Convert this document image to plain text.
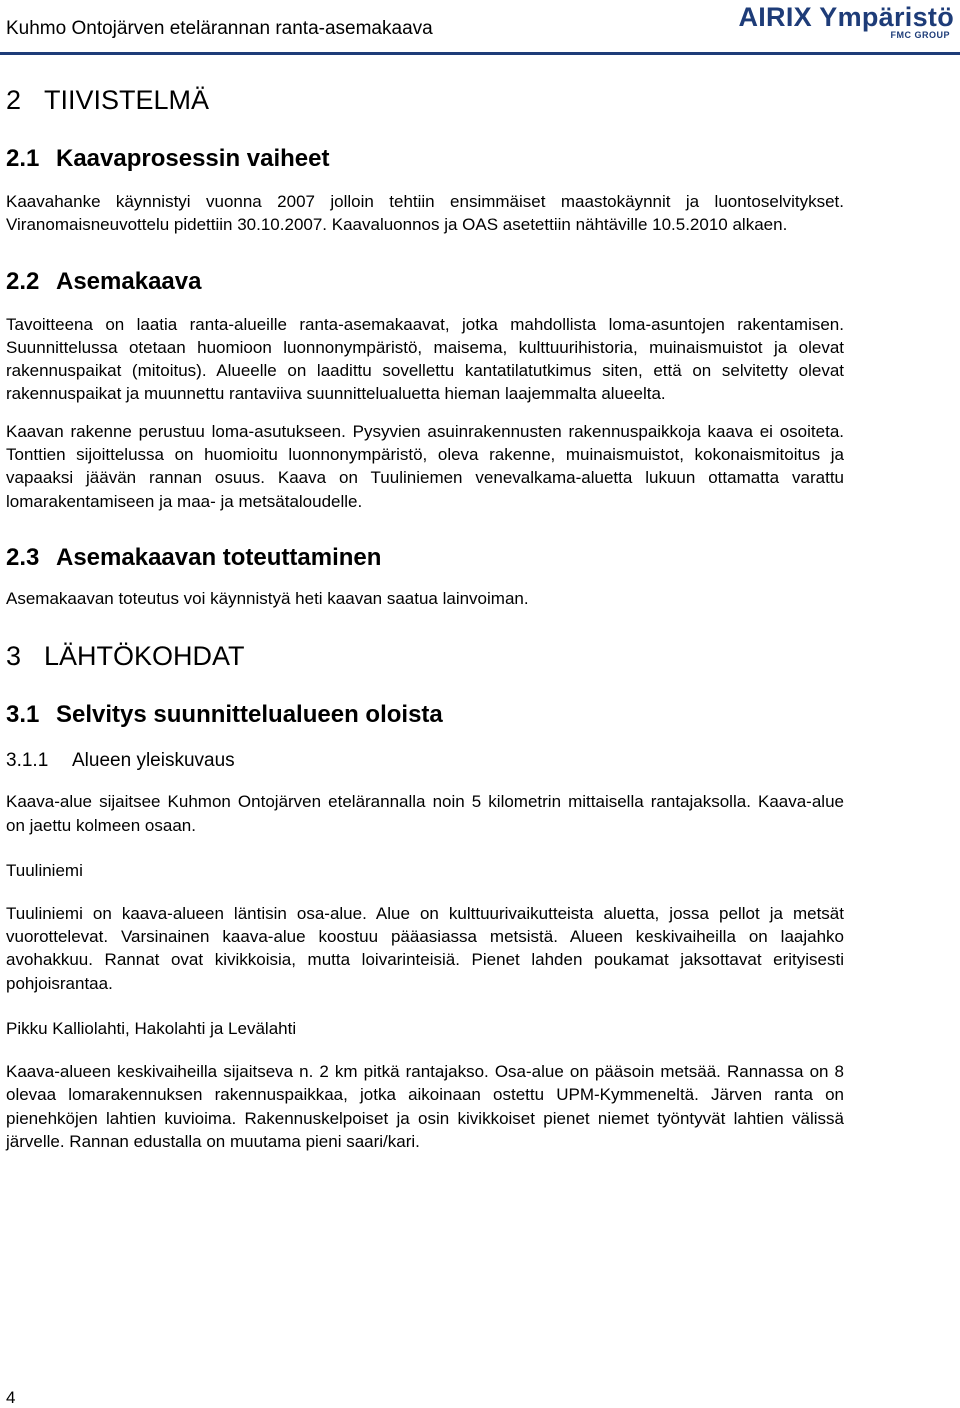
Kuhmo Ontojärven etelärannan ranta-asemakaava	AIRIX Ympäristö
FMC GROUP
2 TIIVISTELMÄ
2.1 Kaavaprosessin vaiheet

Kaavahanke käynnistyi vuonna 2007 jolloin tehtiin ensimmäiset maastokäynnit ja luontoselvitykset. Viranomaisneuvottelu pidettiin 30.10.2007. Kaavaluonnos ja OAS asetettiin nähtäville 10.5.2010 alkaen.

2.2 Asemakaava

Tavoitteena on laatia ranta-alueille ranta-asemakaavat, jotka mahdollista loma-asuntojen rakentamisen. Suunnittelussa otetaan huomioon luonnonympäristö, maisema, kulttuurihistoria, muinaismuistot ja olevat rakennuspaikat (mitoitus). Alueelle on laadittu sovellettu kantatilatutkimus siten, että on selvitetty olevat rakennuspaikat ja muunnettu rantaviiva suunnittelualuetta hieman laajemmalta alueelta.

Kaavan rakenne perustuu loma-asutukseen. Pysyvien asuinrakennusten rakennuspaikkoja kaava ei osoiteta. Tonttien sijoittelussa on huomioitu luonnonympäristö, oleva rakenne, muinaismuistot, kokonaismitoitus ja vapaaksi jäävän rannan osuus. Kaava on Tuuliniemen venevalkama-aluetta lukuun ottamatta varattu lomarakentamiseen ja maa- ja metsätaloudelle.

2.3 Asemakaavan toteuttaminen

Asemakaavan toteutus voi käynnistyä heti kaavan saatua lainvoiman.

3 LÄHTÖKOHDAT
3.1 Selvitys suunnittelualueen oloista
3.1.1 Alueen yleiskuvaus

Kaava-alue sijaitsee Kuhmon Ontojärven etelärannalla noin 5 kilometrin mittaisella rantajaksolla. Kaava-alue on jaettu kolmeen osaan.

Tuuliniemi

Tuuliniemi on kaava-alueen läntisin osa-alue. Alue on kulttuurivaikutteista aluetta, jossa pellot ja metsät vuorottelevat. Varsinainen kaava-alue koostuu pääasiassa metsistä. Alueen keskivaiheilla on laajahko avohakkuu. Rannat ovat kivikkoisia, mutta loivarinteisiä. Pienet lahden poukamat jaksottavat erityisesti pohjoisrantaa.

Pikku Kalliolahti, Hakolahti ja Levälahti

Kaava-alueen keskivaiheilla sijaitseva n. 2 km pitkä rantajakso. Osa-alue on pääsoin metsää. Rannassa on 8 olevaa lomarakennuksen rakennuspaikkaa, jotka aikoinaan ostettu UPM-Kymmeneltä. Järven ranta on pienehköjen lahtien kuvioima. Rakennuskelpoiset ja osin kivikkoiset pienet niemet työntyvät lahtien välissä järvelle. Rannan edustalla on muutama pieni saari/kari.

4
